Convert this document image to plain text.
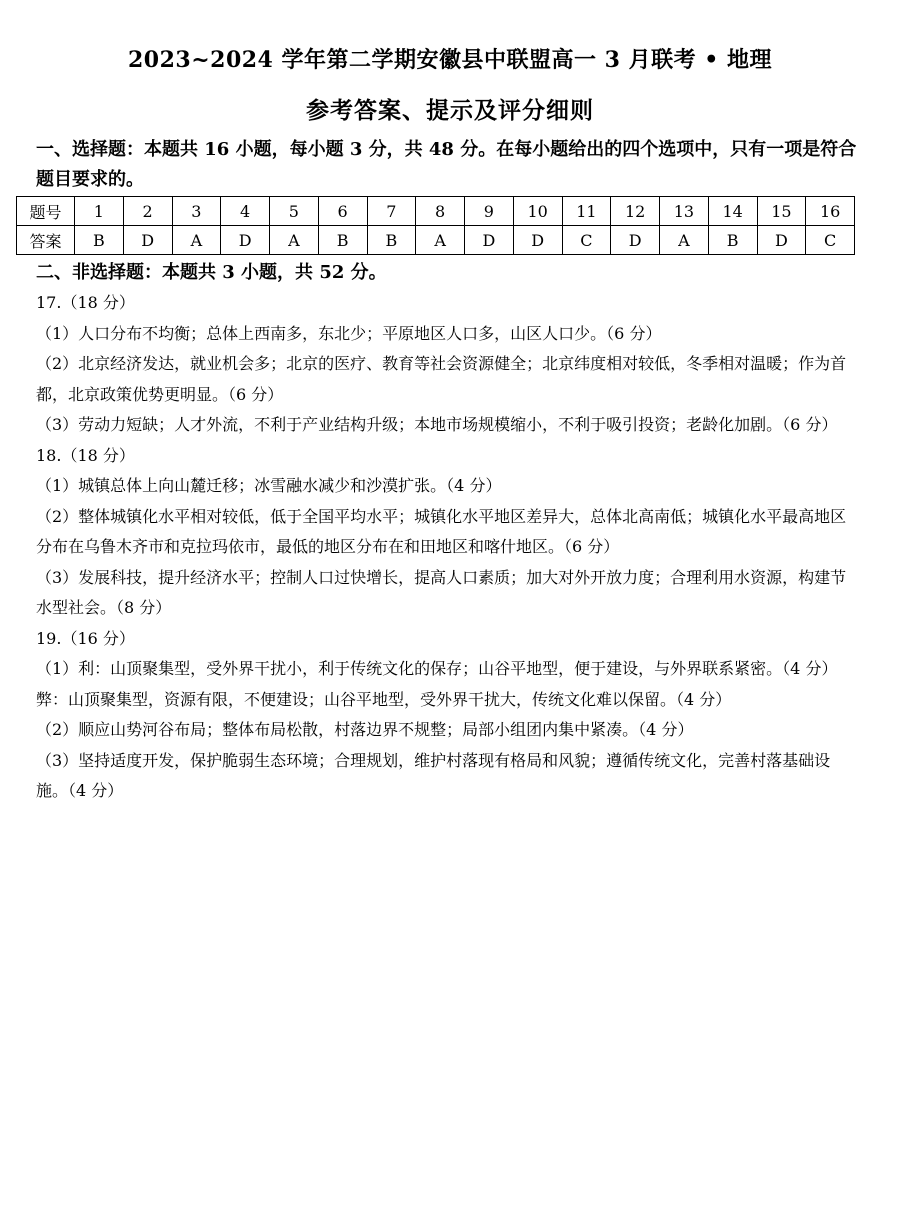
2023~2024 学年第二学期安徽县中联盟高一 3 月联考 • 地理
参考答案、提示及评分细则
一、选择题：本题共 16 小题，每小题 3 分，共 48 分。在每小题给出的四个选项中，只有一项是符合题目要求的。
题号	1	2	3	4	5	6	7	8	9	10	11	12	13	14	15	16
答案	B	D	A	D	A	B	B	A	D	D	C	D	A	B	D	C
二、非选择题：本题共 3 小题，共 52 分。

17.（18 分）

（1）人口分布不均衡；总体上西南多，东北少；平原地区人口多，山区人口少。（6 分）

（2）北京经济发达，就业机会多；北京的医疗、教育等社会资源健全；北京纬度相对较低，冬季相对温暖；作为首都，北京政策优势更明显。（6 分）

（3）劳动力短缺；人才外流，不利于产业结构升级；本地市场规模缩小，不利于吸引投资；老龄化加剧。（6 分）

18.（18 分）

（1）城镇总体上向山麓迁移；冰雪融水减少和沙漠扩张。（4 分）

（2）整体城镇化水平相对较低，低于全国平均水平；城镇化水平地区差异大，总体北高南低；城镇化水平最高地区分布在乌鲁木齐市和克拉玛依市，最低的地区分布在和田地区和喀什地区。（6 分）

（3）发展科技，提升经济水平；控制人口过快增长，提高人口素质；加大对外开放力度；合理利用水资源，构建节水型社会。（8 分）

19.（16 分）

（1）利：山顶聚集型，受外界干扰小，利于传统文化的保存；山谷平地型，便于建设，与外界联系紧密。（4 分）

弊：山顶聚集型，资源有限，不便建设；山谷平地型，受外界干扰大，传统文化难以保留。（4 分）

（2）顺应山势河谷布局；整体布局松散，村落边界不规整；局部小组团内集中紧凑。（4 分）

（3）坚持适度开发，保护脆弱生态环境；合理规划，维护村落现有格局和风貌；遵循传统文化，完善村落基础设施。（4 分）
